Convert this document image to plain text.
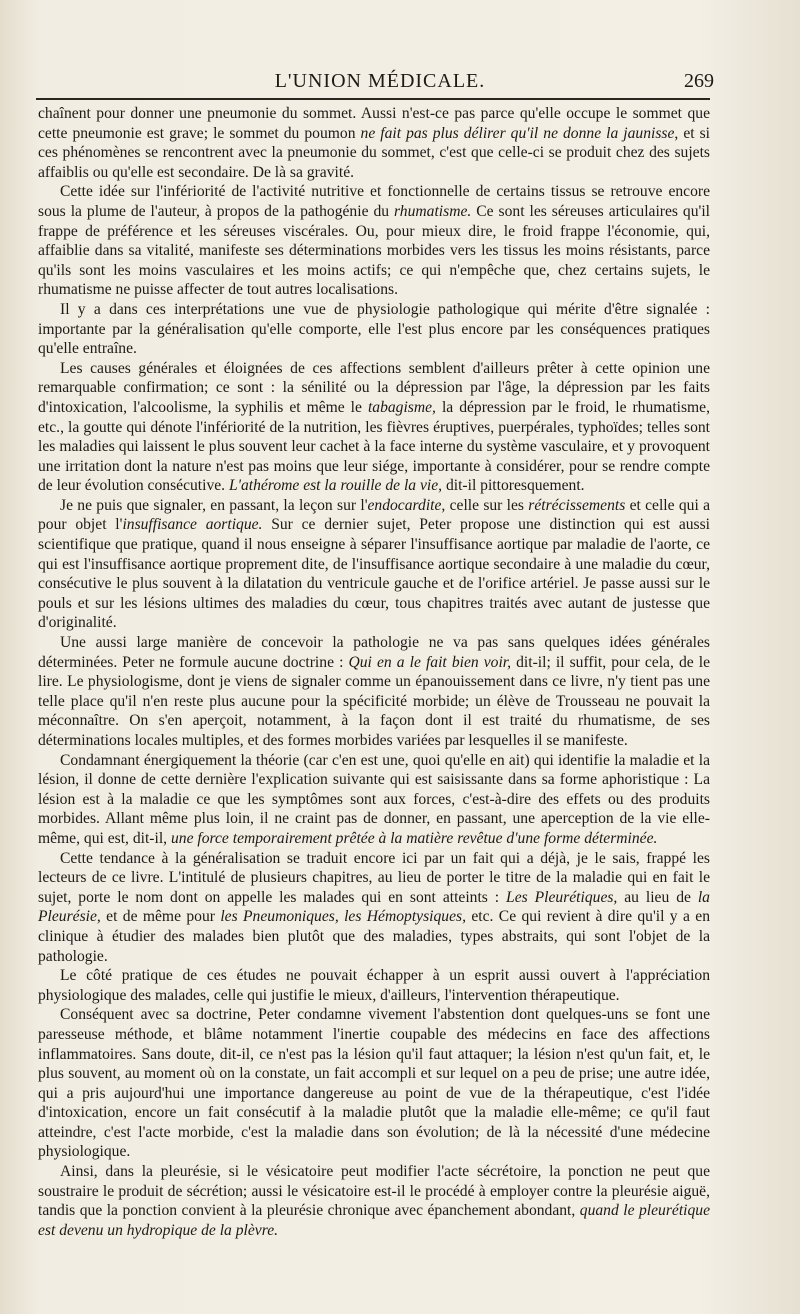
L'UNION MÉDICALE.	269

chaînent pour donner une pneumonie du sommet. Aussi n'est-ce pas parce qu'elle occupe le sommet que cette pneumonie est grave; le sommet du poumon ne fait pas plus délirer qu'il ne donne la jaunisse, et si ces phénomènes se rencontrent avec la pneumonie du sommet, c'est que celle-ci se produit chez des sujets affaiblis ou qu'elle est secondaire. De là sa gravité.

Cette idée sur l'infériorité de l'activité nutritive et fonctionnelle de certains tissus se retrouve encore sous la plume de l'auteur, à propos de la pathogénie du rhumatisme. Ce sont les séreuses articulaires qu'il frappe de préférence et les séreuses viscérales. Ou, pour mieux dire, le froid frappe l'économie, qui, affaiblie dans sa vitalité, manifeste ses déterminations morbides vers les tissus les moins résistants, parce qu'ils sont les moins vasculaires et les moins actifs; ce qui n'empêche que, chez certains sujets, le rhumatisme ne puisse affecter de tout autres localisations.

Il y a dans ces interprétations une vue de physiologie pathologique qui mérite d'être signalée : importante par la généralisation qu'elle comporte, elle l'est plus encore par les conséquences pratiques qu'elle entraîne.

Les causes générales et éloignées de ces affections semblent d'ailleurs prêter à cette opinion une remarquable confirmation; ce sont : la sénilité ou la dépression par l'âge, la dépression par les faits d'intoxication, l'alcoolisme, la syphilis et même le tabagisme, la dépression par le froid, le rhumatisme, etc., la goutte qui dénote l'infériorité de la nutrition, les fièvres éruptives, puerpérales, typhoïdes; telles sont les maladies qui laissent le plus souvent leur cachet à la face interne du système vasculaire, et y provoquent une irritation dont la nature n'est pas moins que leur siége, importante à considérer, pour se rendre compte de leur évolution consécutive. L'athérome est la rouille de la vie, dit-il pittoresquement.

Je ne puis que signaler, en passant, la leçon sur l'endocardite, celle sur les rétrécissements et celle qui a pour objet l'insuffisance aortique. Sur ce dernier sujet, Peter propose une distinction qui est aussi scientifique que pratique, quand il nous enseigne à séparer l'insuffisance aortique par maladie de l'aorte, ce qui est l'insuffisance aortique proprement dite, de l'insuffisance aortique secondaire à une maladie du cœur, consécutive le plus souvent à la dilatation du ventricule gauche et de l'orifice artériel. Je passe aussi sur le pouls et sur les lésions ultimes des maladies du cœur, tous chapitres traités avec autant de justesse que d'originalité.

Une aussi large manière de concevoir la pathologie ne va pas sans quelques idées générales déterminées. Peter ne formule aucune doctrine : Qui en a le fait bien voir, dit-il; il suffit, pour cela, de le lire. Le physiologisme, dont je viens de signaler comme un épanouissement dans ce livre, n'y tient pas une telle place qu'il n'en reste plus aucune pour la spécificité morbide; un élève de Trousseau ne pouvait la méconnaître. On s'en aperçoit, notamment, à la façon dont il est traité du rhumatisme, de ses déterminations locales multiples, et des formes morbides variées par lesquelles il se manifeste.

Condamnant énergiquement la théorie (car c'en est une, quoi qu'elle en ait) qui identifie la maladie et la lésion, il donne de cette dernière l'explication suivante qui est saisissante dans sa forme aphoristique : La lésion est à la maladie ce que les symptômes sont aux forces, c'est-à-dire des effets ou des produits morbides. Allant même plus loin, il ne craint pas de donner, en passant, une aperception de la vie elle-même, qui est, dit-il, une force temporairement prêtée à la matière revêtue d'une forme déterminée.

Cette tendance à la généralisation se traduit encore ici par un fait qui a déjà, je le sais, frappé les lecteurs de ce livre. L'intitulé de plusieurs chapitres, au lieu de porter le titre de la maladie qui en fait le sujet, porte le nom dont on appelle les malades qui en sont atteints : Les Pleurétiques, au lieu de la Pleurésie, et de même pour les Pneumoniques, les Hémoptysiques, etc. Ce qui revient à dire qu'il y a en clinique à étudier des malades bien plutôt que des maladies, types abstraits, qui sont l'objet de la pathologie.

Le côté pratique de ces études ne pouvait échapper à un esprit aussi ouvert à l'appréciation physiologique des malades, celle qui justifie le mieux, d'ailleurs, l'intervention thérapeutique.

Conséquent avec sa doctrine, Peter condamne vivement l'abstention dont quelques-uns se font une paresseuse méthode, et blâme notamment l'inertie coupable des médecins en face des affections inflammatoires. Sans doute, dit-il, ce n'est pas la lésion qu'il faut attaquer; la lésion n'est qu'un fait, et, le plus souvent, au moment où on la constate, un fait accompli et sur lequel on a peu de prise; une autre idée, qui a pris aujourd'hui une importance dangereuse au point de vue de la thérapeutique, c'est l'idée d'intoxication, encore un fait consécutif à la maladie plutôt que la maladie elle-même; ce qu'il faut atteindre, c'est l'acte morbide, c'est la maladie dans son évolution; de là la nécessité d'une médecine physiologique.

Ainsi, dans la pleurésie, si le vésicatoire peut modifier l'acte sécrétoire, la ponction ne peut que soustraire le produit de sécrétion; aussi le vésicatoire est-il le procédé à employer contre la pleurésie aiguë, tandis que la ponction convient à la pleurésie chronique avec épanchement abondant, quand le pleurétique est devenu un hydropique de la plèvre.
